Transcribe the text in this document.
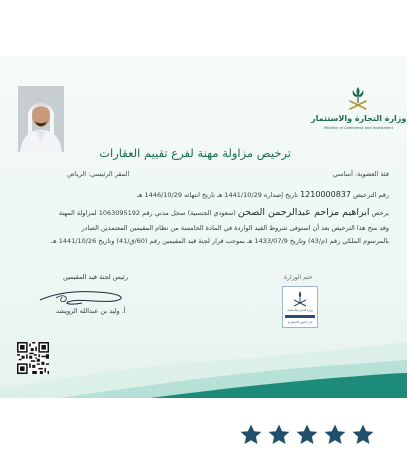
وزارة التجارة والاستثمار
Ministry of Commerce and Investment
ترخيص مزاولة مهنة لفرع تقييم العقارات
فئة العضوية: أساسي
المقر الرئيسي: الرياض
رقم الترخيص 1210000837 تاريخ إصداره 1441/10/29 هـ تاريخ انتهائه 1446/10/29 هـ
يرخص ابراهيم مزاحم عبدالرحمن الصحن (سعودي الجنسية) سجل مدني رقم 1063095192 لمزاولة المهنة
وقد منح هذا الترخيص بعد أن استوفى شروط القيد الواردة في المادة الخامسة من نظام المقيمين المعتمدين الصادر
بالمرسوم الملكي رقم (م/43) وتاريخ 1433/07/9 هـ بموجب قرار لجنة قيد المقيمين رقم (60/ق/41) وتاريخ 1441/10/26 هـ
رئيس لجنة قيد المقيمين
أ. وليد بن عبدالله الرويشد
ختم الوزارة
وزارة التجارة والاستثمار
إدارة المهن الاستشارية
